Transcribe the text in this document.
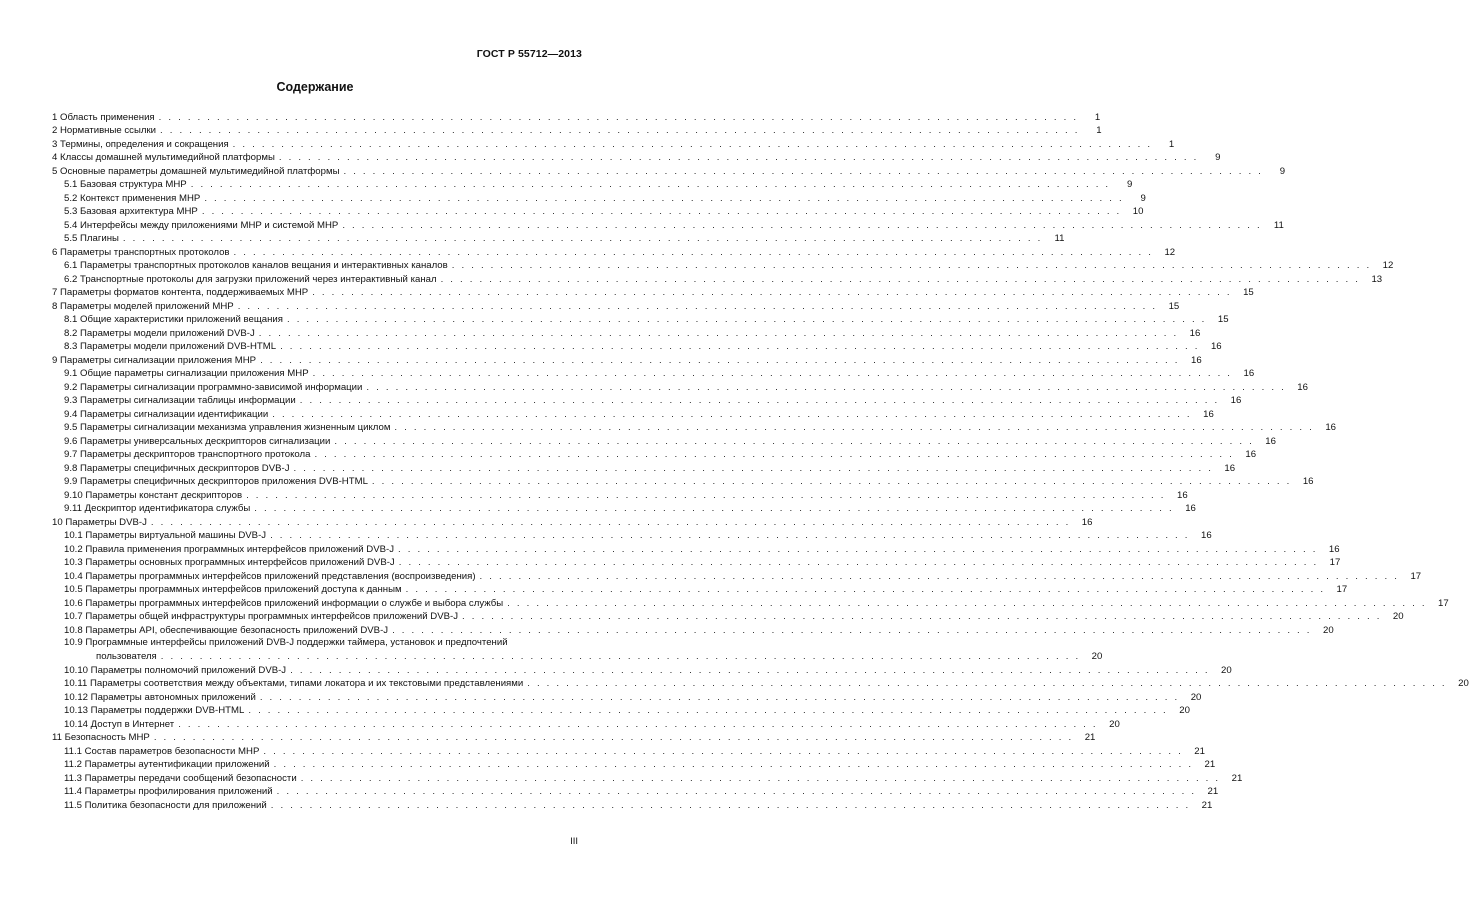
ГОСТ Р 55712—2013
Содержание
1 Область применения . . .	1
2 Нормативные ссылки . . .	1
3 Термины, определения и сокращения . . .	1
4 Классы домашней мультимедийной платформы . . .	9
5 Основные параметры домашней мультимедийной платформы . . .	9
5.1 Базовая структура МНР . . .	9
5.2 Контекст применения МНР . . .	9
5.3 Базовая архитектура МНР . . .	10
5.4 Интерфейсы между приложениями МНР и системой МНР . . .	11
5.5 Плагины . . .	11
6 Параметры транспортных протоколов . . .	12
6.1 Параметры транспортных протоколов каналов вещания и интерактивных каналов . . .	12
6.2 Транспортные протоколы для загрузки приложений через интерактивный канал . . .	13
7 Параметры форматов контента, поддерживаемых МНР . . .	15
8 Параметры моделей приложений МНР . . .	15
8.1 Общие характеристики приложений вещания . . .	15
8.2 Параметры модели приложений DVB-J . . .	16
8.3 Параметры модели приложений DVB-HTML . . .	16
9 Параметры сигнализации приложения МНР . . .	16
9.1 Общие параметры сигнализации приложения МНР . . .	16
9.2 Параметры сигнализации программно-зависимой информации . . .	16
9.3 Параметры сигнализации таблицы информации . . .	16
9.4 Параметры сигнализации идентификации . . .	16
9.5 Параметры сигнализации механизма управления жизненным циклом . . .	16
9.6 Параметры универсальных дескрипторов сигнализации . . .	16
9.7 Параметры дескрипторов транспортного протокола . . .	16
9.8 Параметры специфичных дескрипторов DVB-J . . .	16
9.9 Параметры специфичных дескрипторов приложения DVB-HTML . . .	16
9.10 Параметры констант дескрипторов . . .	16
9.11 Дескриптор идентификатора службы . . .	16
10 Параметры DVB-J . . .	16
10.1 Параметры виртуальной машины DVB-J . . .	16
10.2 Правила применения программных интерфейсов приложений DVB-J . . .	16
10.3 Параметры основных программных интерфейсов приложений DVB-J . . .	17
10.4 Параметры программных интерфейсов приложений представления (воспроизведения) . . .	17
10.5 Параметры программных интерфейсов приложений доступа к данным . . .	17
10.6 Параметры программных интерфейсов приложений информации о службе и выбора службы . . .	17
10.7 Параметры общей инфраструктуры программных интерфейсов приложений DVB-J . . .	20
10.8 Параметры API, обеспечивающие безопасность приложений DVB-J . . .	20
10.9 Программные интерфейсы приложений DVB-J поддержки таймера, установок и предпочтений
пользователя . . .	20
10.10 Параметры полномочий приложений DVB-J . . .	20
10.11 Параметры соответствия между объектами, типами локатора и их текстовыми представлениями . . .	20
10.12 Параметры автономных приложений . . .	20
10.13 Параметры поддержки DVB-HTML . . .	20
10.14 Доступ в Интернет . . .	20
11 Безопасность МНР . . .	21
11.1 Состав параметров безопасности МНР . . .	21
11.2 Параметры аутентификации приложений . . .	21
11.3 Параметры передачи сообщений безопасности . . .	21
11.4 Параметры профилирования приложений . . .	21
11.5 Политика безопасности для приложений . . .	21
III
